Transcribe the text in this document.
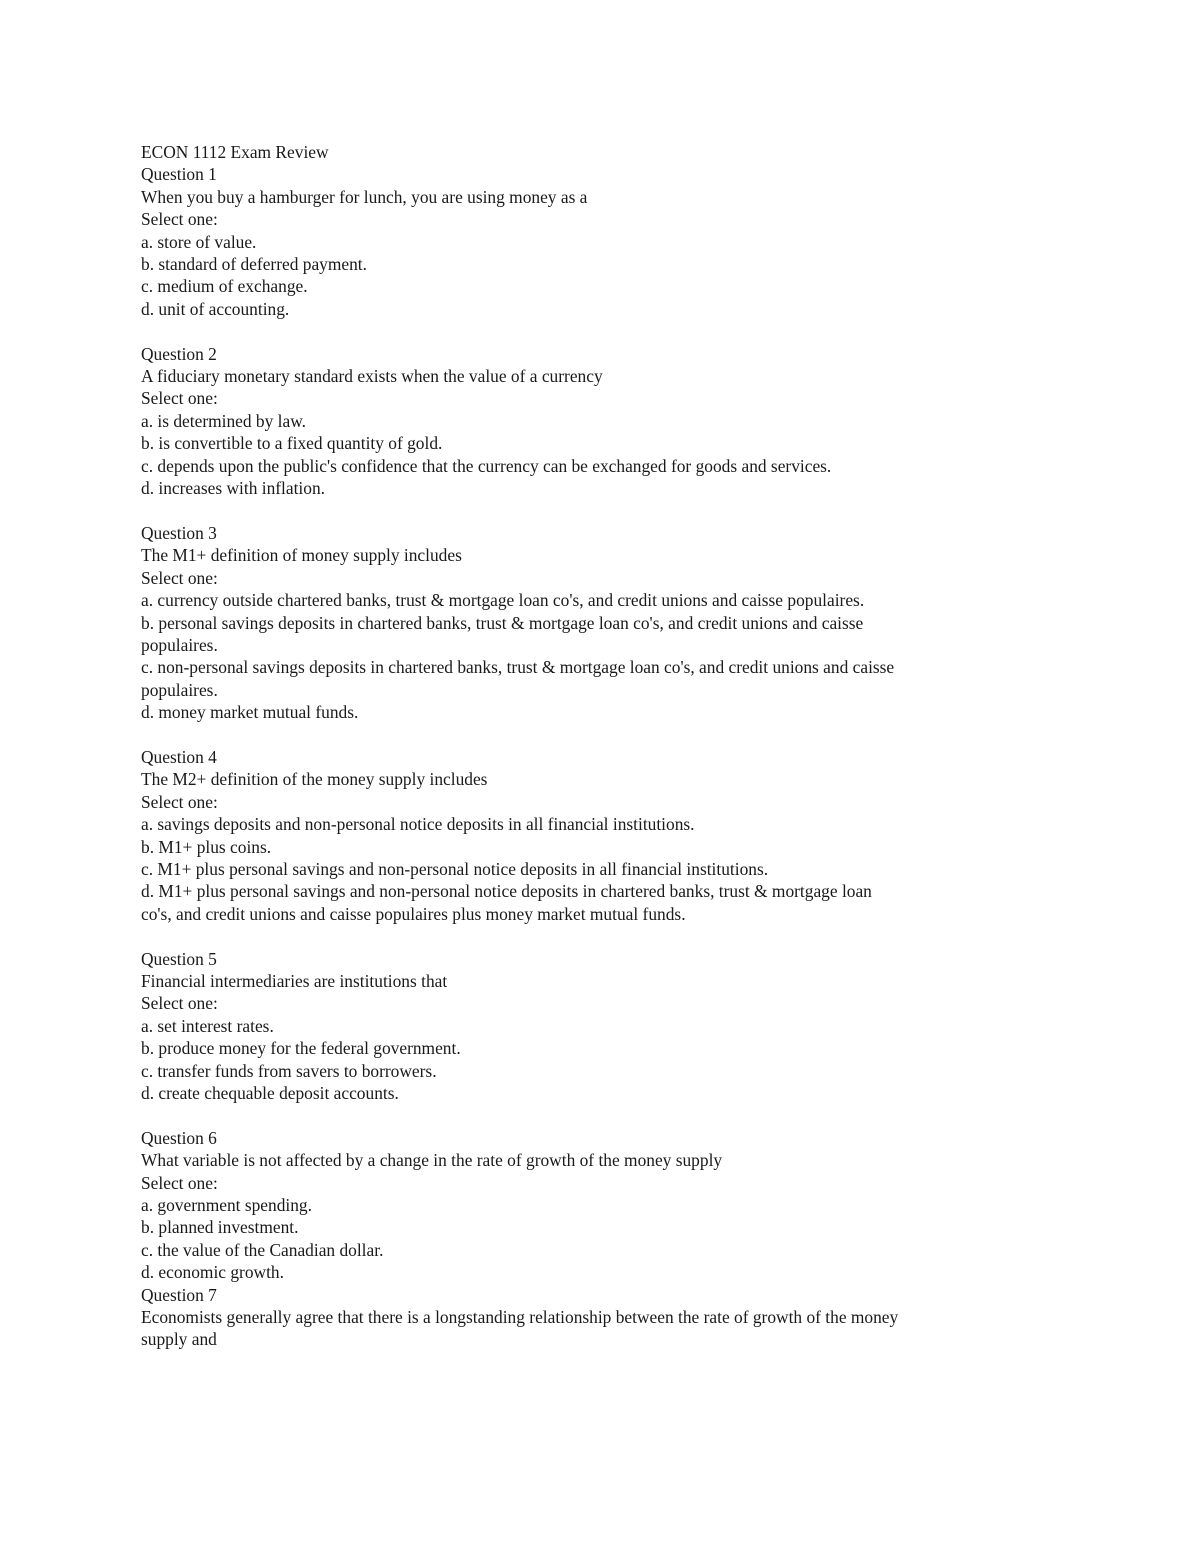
ECON 1112 Exam Review
Question 1
When you buy a hamburger for lunch, you are using money as a
Select one:
a. store of value.
b. standard of deferred payment.
c. medium of exchange.
d. unit of accounting.
Question 2
A fiduciary monetary standard exists when the value of a currency
Select one:
a. is determined by law.
b. is convertible to a fixed quantity of gold.
c. depends upon the public's confidence that the currency can be exchanged for goods and services.
d. increases with inflation.
Question 3
The M1+ definition of money supply includes
Select one:
a. currency outside chartered banks, trust & mortgage loan co's, and credit unions and caisse populaires.
b. personal savings deposits in chartered banks, trust & mortgage loan co's, and credit unions and caisse populaires.
c. non-personal savings deposits in chartered banks, trust & mortgage loan co's, and credit unions and caisse populaires.
d. money market mutual funds.
Question 4
The M2+ definition of the money supply includes
Select one:
a. savings deposits and non-personal notice deposits in all financial institutions.
b. M1+ plus coins.
c. M1+ plus personal savings and non-personal notice deposits in all financial institutions.
d. M1+ plus personal savings and non-personal notice deposits in chartered banks, trust & mortgage loan co's, and credit unions and caisse populaires plus money market mutual funds.
Question 5
Financial intermediaries are institutions that
Select one:
a. set interest rates.
b. produce money for the federal government.
c. transfer funds from savers to borrowers.
d. create chequable deposit accounts.
Question 6
What variable is not affected by a change in the rate of growth of the money supply
Select one:
a. government spending.
b. planned investment.
c. the value of the Canadian dollar.
d. economic growth.
Question 7
Economists generally agree that there is a longstanding relationship between the rate of growth of the money supply and
